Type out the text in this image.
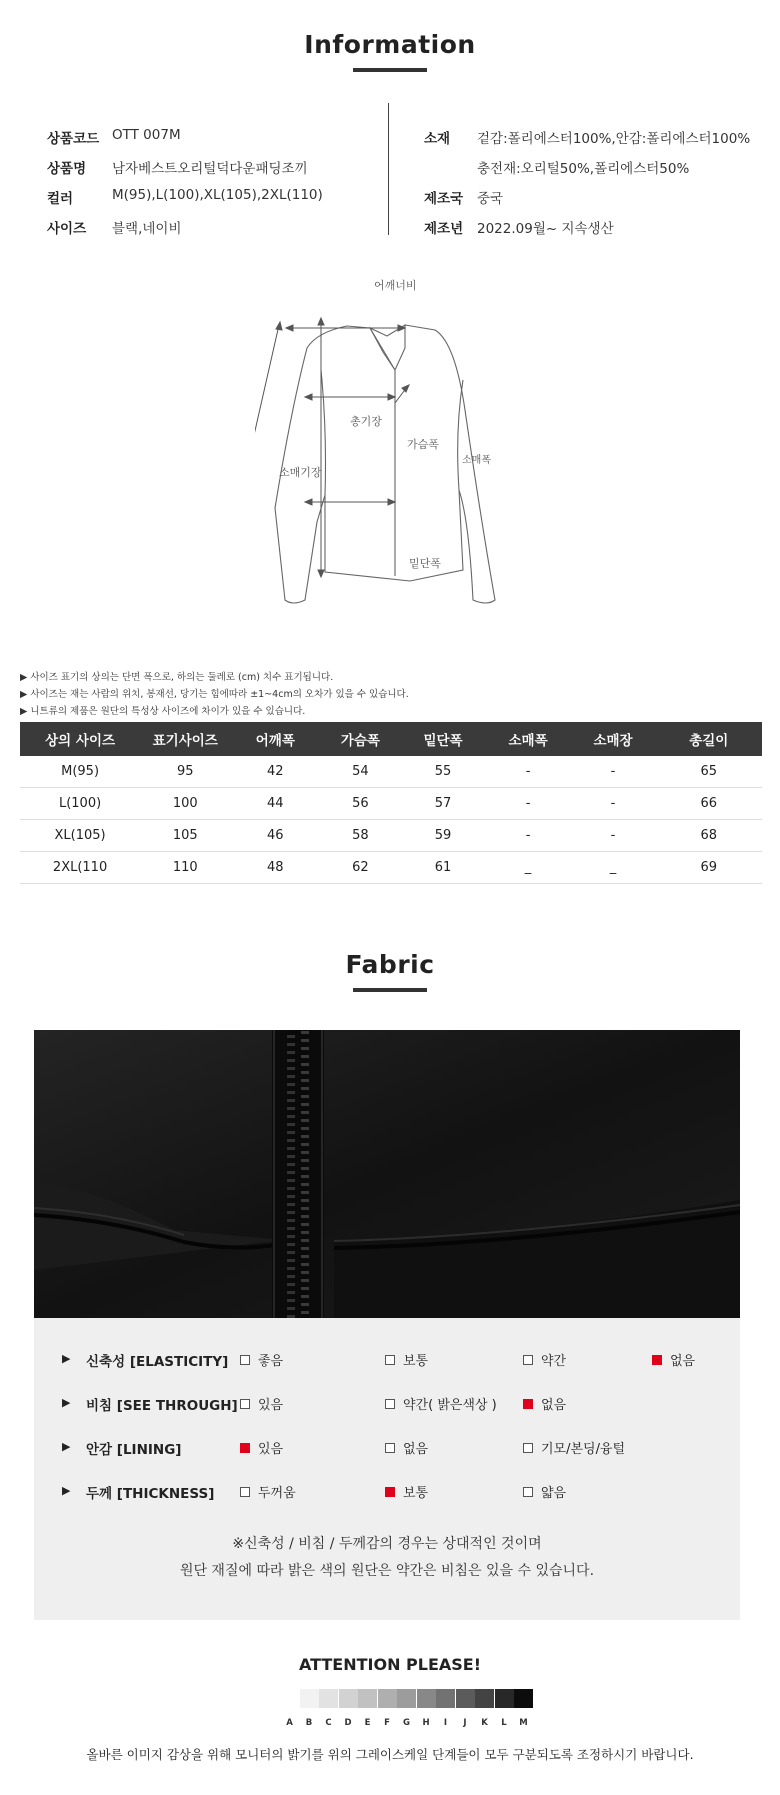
Information
상품코드 OTT 007M
상품명 남자베스트오리털덕다운패딩조끼
컬러	M(95),L(100),XL(105),2XL(110)
사이즈 블랙,네이비
소재 겉감:폴리에스터100%,안감:폴리에스터100%
충전재:오리털50%,폴리에스터50%
제조국 중국
제조년 2022.09월~ 지속생산
어깨너비
총기장
가슴폭
소매폭
소매기장
밑단폭
▶ 사이즈 표기의 상의는 단면 폭으로, 하의는 둘레로 (cm) 치수 표기됩니다.
▶ 사이즈는 재는 사람의 위치, 봉재선, 당기는 힘에따라 ±1~4cm의 오차가 있을 수 있습니다.
▶ 니트류의 제품은 원단의 특성상 사이즈에 차이가 있을 수 있습니다.
상의 사이즈	표기사이즈	어깨폭	가슴폭	밑단폭	소매폭	소매장	총길이
M(95)	95	42	54	55	-	-	65
L(100)	100	44	56	57	-	-	66
XL(105)	105	46	58	59	-	-	68
2XL(110	110	48	62	61	_	_	69
Fabric
▶ 신축성 [ELASTICITY] 좋음	보통	약간	없음
▶ 비침 [SEE THROUGH] 있음	약간( 밝은색상 )	없음
▶ 안감 [LINING]	있음	없음	기모/본딩/융털
▶ 두께 [THICKNESS]	두꺼움	보통	얇음
※신축성 / 비침 / 두께감의 경우는 상대적인 것이며
원단 재질에 따라 밝은 색의 원단은 약간은 비침은 있을 수 있습니다.
ATTENTION PLEASE!
A	B	C	D	E	F	G	H	I	J	K	L	M
올바른 이미지 감상을 위해 모니터의 밝기를 위의 그레이스케일 단계들이 모두 구분되도록 조정하시기 바랍니다.
